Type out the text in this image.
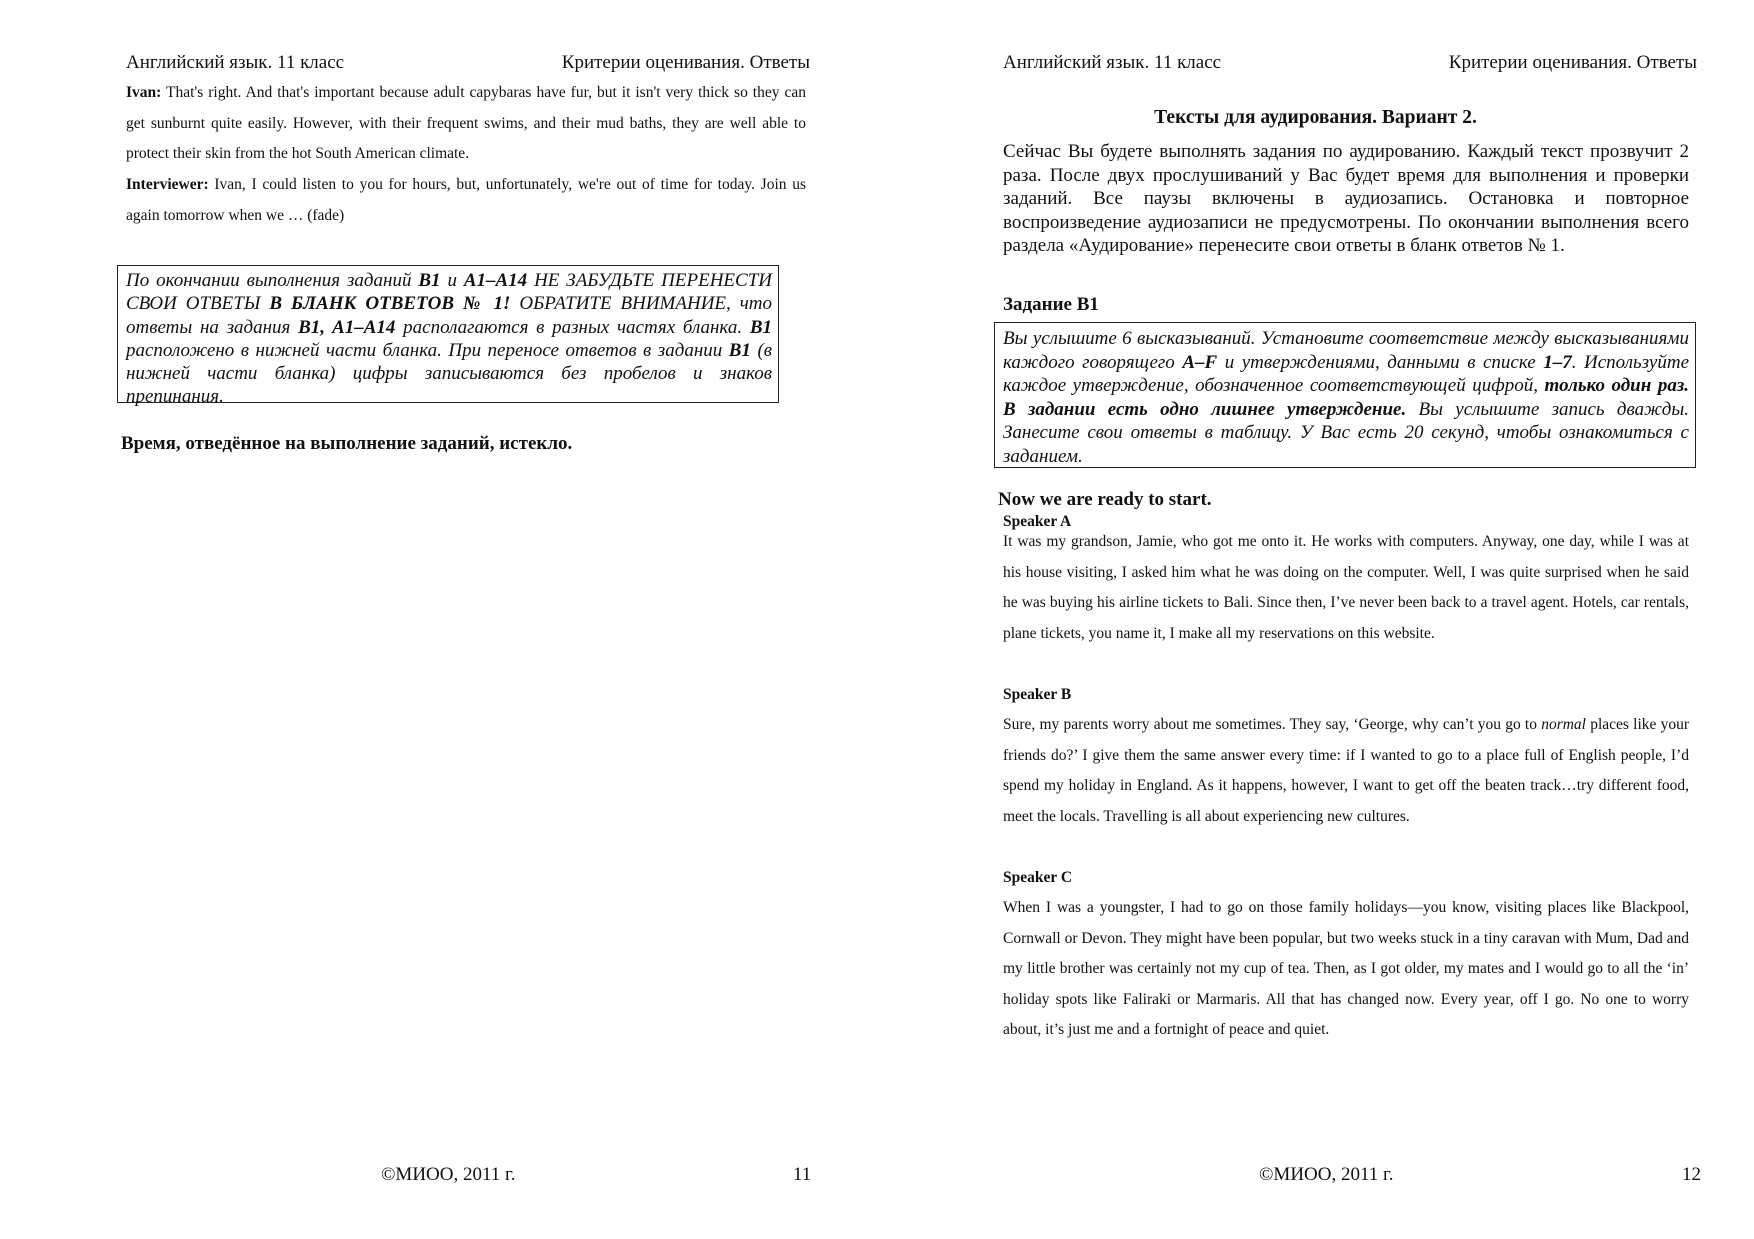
Английский язык. 11 класс	Критерии оценивания. Ответы

Ivan: That's right. And that's important because adult capybaras have fur, but it isn't very thick so they can get sunburnt quite easily. However, with their frequent swims, and their mud baths, they are well able to protect their skin from the hot South American climate.

Interviewer: Ivan, I could listen to you for hours, but, unfortunately, we're out of time for today. Join us again tomorrow when we … (fade)

По окончании выполнения заданий B1 и A1–A14 НЕ ЗАБУДЬТЕ ПЕРЕНЕСТИ СВОИ ОТВЕТЫ В БЛАНК ОТВЕТОВ № 1! ОБРАТИТЕ ВНИМАНИЕ, что ответы на задания B1, A1–A14 располагаются в разных частях бланка. B1 расположено в нижней части бланка. При переносе ответов в задании B1 (в нижней части бланка) цифры записываются без пробелов и знаков препинания.
Время, отведённое на выполнение заданий, истекло.
©МИОО, 2011 г.	11
Английский язык. 11 класс	Критерии оценивания. Ответы
Тексты для аудирования. Вариант 2.

Сейчас Вы будете выполнять задания по аудированию. Каждый текст прозвучит 2 раза. После двух прослушиваний у Вас будет время для выполнения и проверки заданий. Все паузы включены в аудиозапись. Остановка и повторное воспроизведение аудиозаписи не предусмотрены. По окончании выполнения всего раздела «Аудирование» перенесите свои ответы в бланк ответов № 1.

Задание B1
Вы услышите 6 высказываний. Установите соответствие между высказываниями каждого говорящего A–F и утверждениями, данными в списке 1–7. Используйте каждое утверждение, обозначенное соответствующей цифрой, только один раз. В задании есть одно лишнее утверждение. Вы услышите запись дважды. Занесите свои ответы в таблицу. У Вас есть 20 секунд, чтобы ознакомиться с заданием.
Now we are ready to start.
Speaker A

It was my grandson, Jamie, who got me onto it. He works with computers. Anyway, one day, while I was at his house visiting, I asked him what he was doing on the computer. Well, I was quite surprised when he said he was buying his airline tickets to Bali. Since then, I’ve never been back to a travel agent. Hotels, car rentals, plane tickets, you name it, I make all my reservations on this website.

Speaker B

Sure, my parents worry about me sometimes. They say, ‘George, why can’t you go to normal places like your friends do?’ I give them the same answer every time: if I wanted to go to a place full of English people, I’d spend my holiday in England. As it happens, however, I want to get off the beaten track…try different food, meet the locals. Travelling is all about experiencing new cultures.

Speaker C

When I was a youngster, I had to go on those family holidays—you know, visiting places like Blackpool, Cornwall or Devon. They might have been popular, but two weeks stuck in a tiny caravan with Mum, Dad and my little brother was certainly not my cup of tea. Then, as I got older, my mates and I would go to all the ‘in’ holiday spots like Faliraki or Marmaris. All that has changed now. Every year, off I go. No one to worry about, it’s just me and a fortnight of peace and quiet.

©МИОО, 2011 г.	12
